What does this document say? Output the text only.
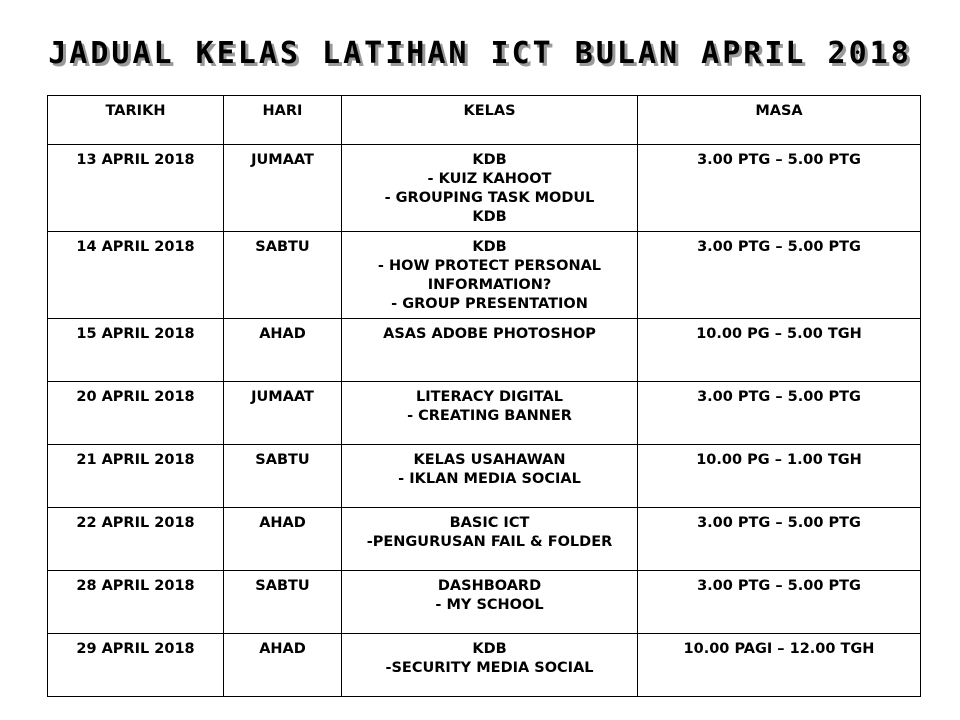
JADUAL KELAS LATIHAN ICT BULAN APRIL 2018
TARIKH	HARI	KELAS	MASA
13 APRIL 2018	JUMAAT	KDB
- KUIZ KAHOOT
- GROUPING TASK MODUL
KDB	3.00 PTG – 5.00 PTG
14 APRIL 2018	SABTU	KDB
- HOW PROTECT PERSONAL
INFORMATION?
- GROUP PRESENTATION	3.00 PTG – 5.00 PTG
15 APRIL 2018	AHAD	ASAS ADOBE PHOTOSHOP	10.00 PG – 5.00 TGH
20 APRIL 2018	JUMAAT	LITERACY DIGITAL
- CREATING BANNER	3.00 PTG – 5.00 PTG
21 APRIL 2018	SABTU	KELAS USAHAWAN
- IKLAN MEDIA SOCIAL	10.00 PG – 1.00 TGH
22 APRIL 2018	AHAD	BASIC ICT
-PENGURUSAN FAIL & FOLDER	3.00 PTG – 5.00 PTG
28 APRIL 2018	SABTU	DASHBOARD
- MY SCHOOL	3.00 PTG – 5.00 PTG
29 APRIL 2018	AHAD	KDB
-SECURITY MEDIA SOCIAL	10.00 PAGI – 12.00 TGH
